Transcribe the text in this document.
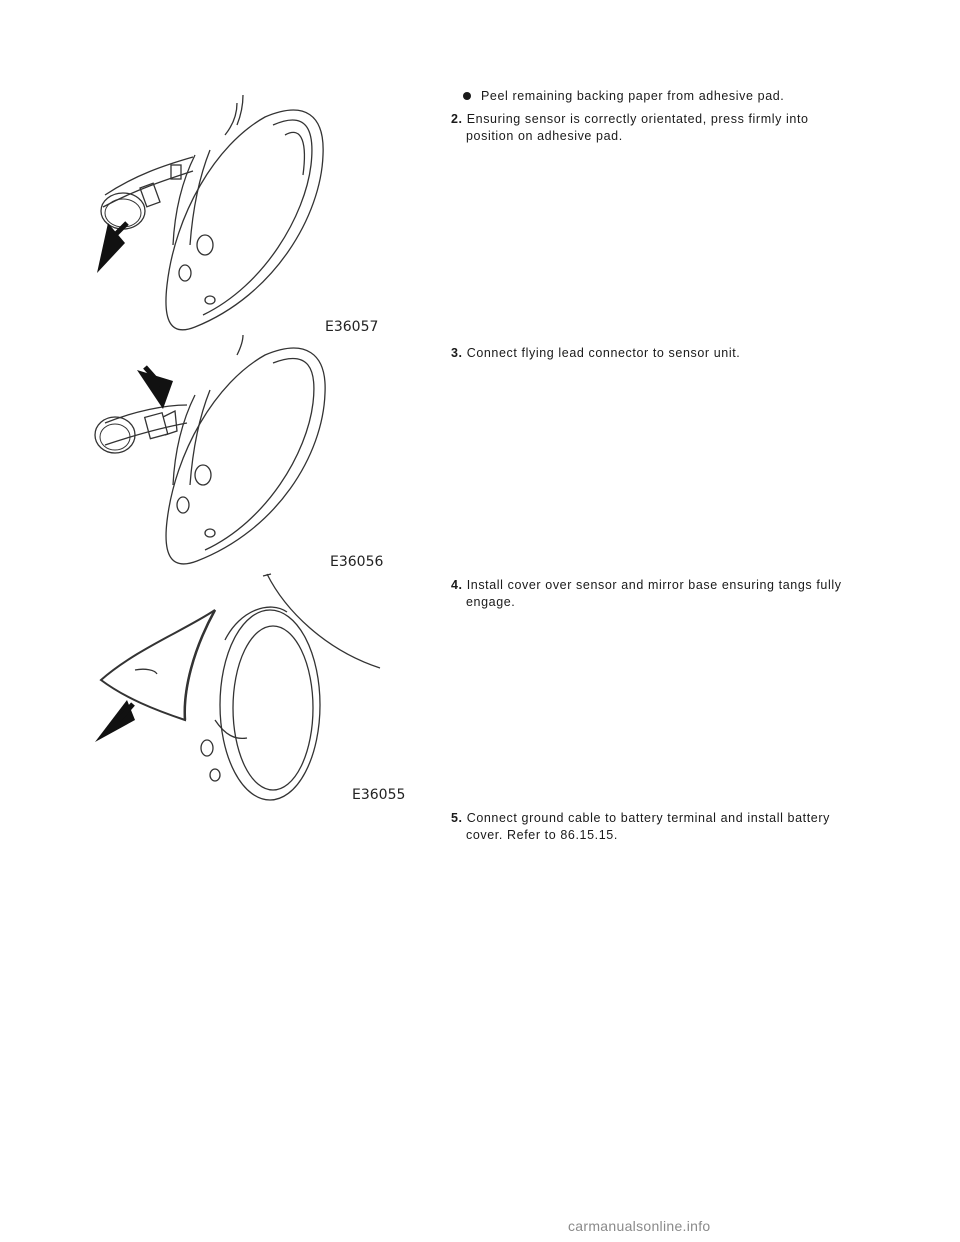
Peel remaining backing paper from adhesive pad.
2. Ensuring sensor is correctly orientated, press firmly into
position on adhesive pad.
3. Connect flying lead connector to sensor unit.
4. Install cover over sensor and mirror base ensuring tangs fully
engage.
5. Connect ground cable to battery terminal and install battery
cover. Refer to 86.15.15.
E36057
E36056
E36055
carmanualsonline.info
